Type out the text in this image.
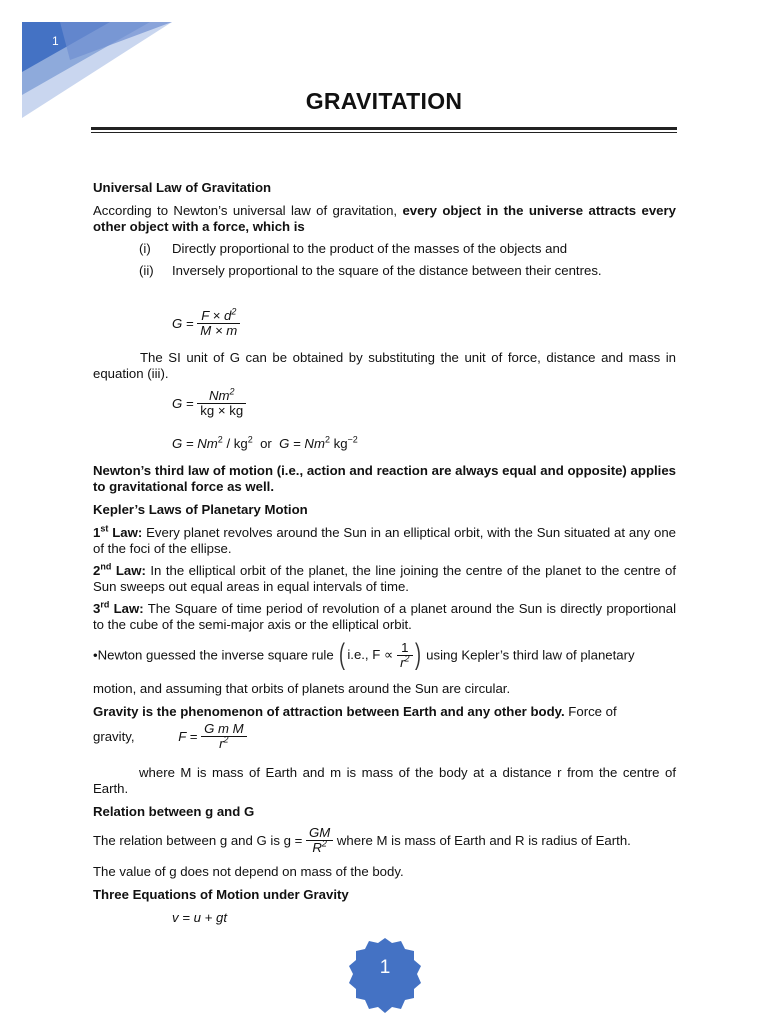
1
GRAVITATION
Universal Law of Gravitation
According to Newton’s universal law of gravitation, every object in the universe attracts every other object with a force, which is
(i) Directly proportional to the product of the masses of the objects and
(ii) Inversely proportional to the square of the distance between their centres.
$G = \frac{F \times d^2}{M \times m}$
The SI unit of G can be obtained by substituting the unit of force, distance and mass in equation (iii).
$G = \frac{Nm^2}{kg \times kg}$
$G = Nm^2 / kg^2$ or $G = Nm^2$ $kg^{-2}$
Newton’s third law of motion (i.e., action and reaction are always equal and opposite) applies to gravitational force as well.
Kepler’s Laws of Planetary Motion
1st Law: Every planet revolves around the Sun in an elliptical orbit, with the Sun situated at any one of the foci of the ellipse.
2nd Law: In the elliptical orbit of the planet, the line joining the centre of the planet to the centre of Sun sweeps out equal areas in equal intervals of time.
3rd Law: The Square of time period of revolution of a planet around the Sun is directly proportional to the cube of the semi-major axis or the elliptical orbit.
•Newton guessed the inverse square rule ( i.e., $F \propto \frac{1}{r^2}$ ) using Kepler’s third law of planetary
motion, and assuming that orbits of planets around the Sun are circular.
Gravity is the phenomenon of attraction between Earth and any other body. Force of
gravity,	$F = \frac{\text{G m M}}{r^2}$
where M is mass of Earth and m is mass of the body at a distance r from the centre of Earth.
Relation between g and G
The relation between g and G is $g = \frac{GM}{R^2}$ where M is mass of Earth and R is radius of Earth.
The value of g does not depend on mass of the body.
Three Equations of Motion under Gravity
v = u + gt
1
